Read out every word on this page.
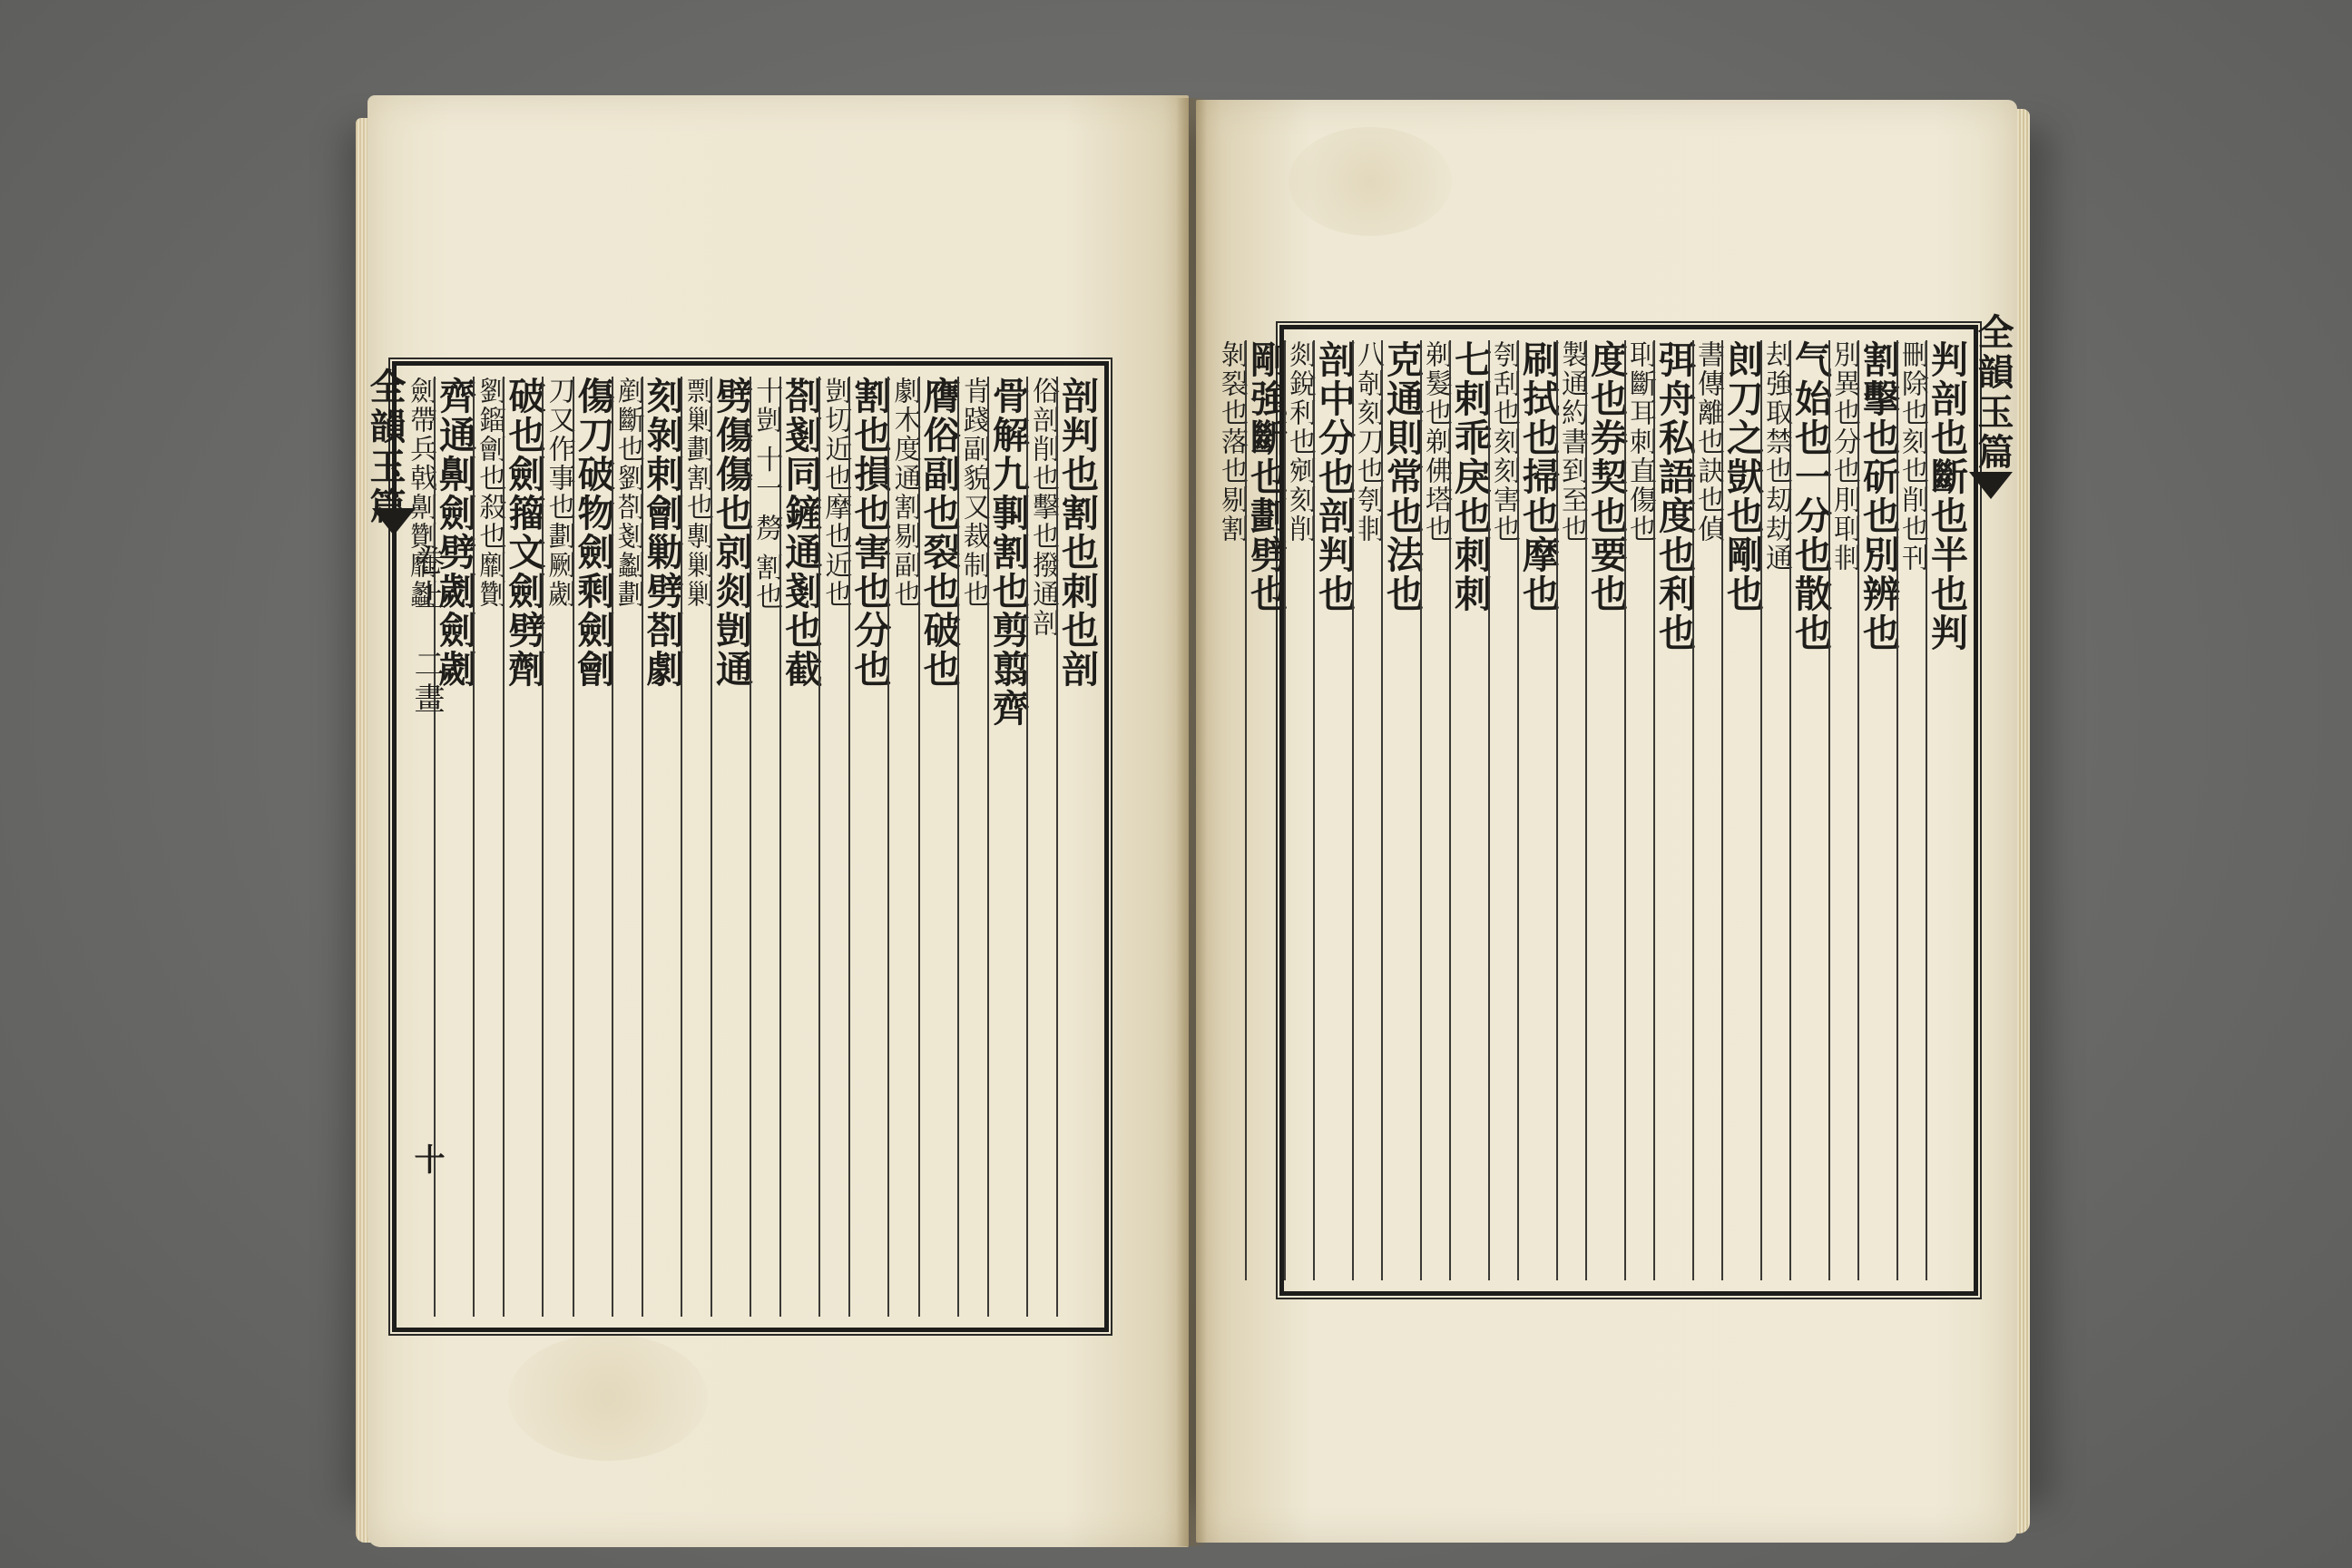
剖判也割也刺也剖
俗剖削也擊也撥通剖
骨解九剚割也剪翦齊
肯踐副貌又裁制也
膺俗副也裂也破也
劇木度通割剔副也
割也損也害也分也
剴切近也摩也近也
剳剗同鏟通剗也截
十剴 十一 剺 割也
劈傷傷也剠剡剴通
剽剿劃割也剸剿剿
刻剝剌劊勦劈剳劇
剷斷也劉剳剗劙劃
傷刀破物劍剩劍劊
刀又作事也劃劂劌
破也劍籀文劍劈劑
劉鎦劊也殺也劘劗
齊通劓劍劈劌劍劌
劍帶兵戟劓劗劘劙	判剖也斷也半也判
刪除也刻也削也刊
割擊也斫也別辨也
別異也分也刖刵剕
气始也一分也散也
刦強取禁也刧劫通
剆刀之獃也剛也
書傳離也訣也偵
弭舟私語度也利也
刵斷耳刺直傷也
度也券契也要也
製通約書到至也
刷拭也掃也摩也
刳刮也刻刻害也
七剌乖戾也刺刺
剃髮也剃佛塔也
克通則常也法也
八剞刻刀也刳剕
剖中分也剖判也
剡銳利也剜刻削
剛強斷也劃劈也
剝裂也落也剔割
全韻玉篇
卷上　二畫
十
全韻玉篇
